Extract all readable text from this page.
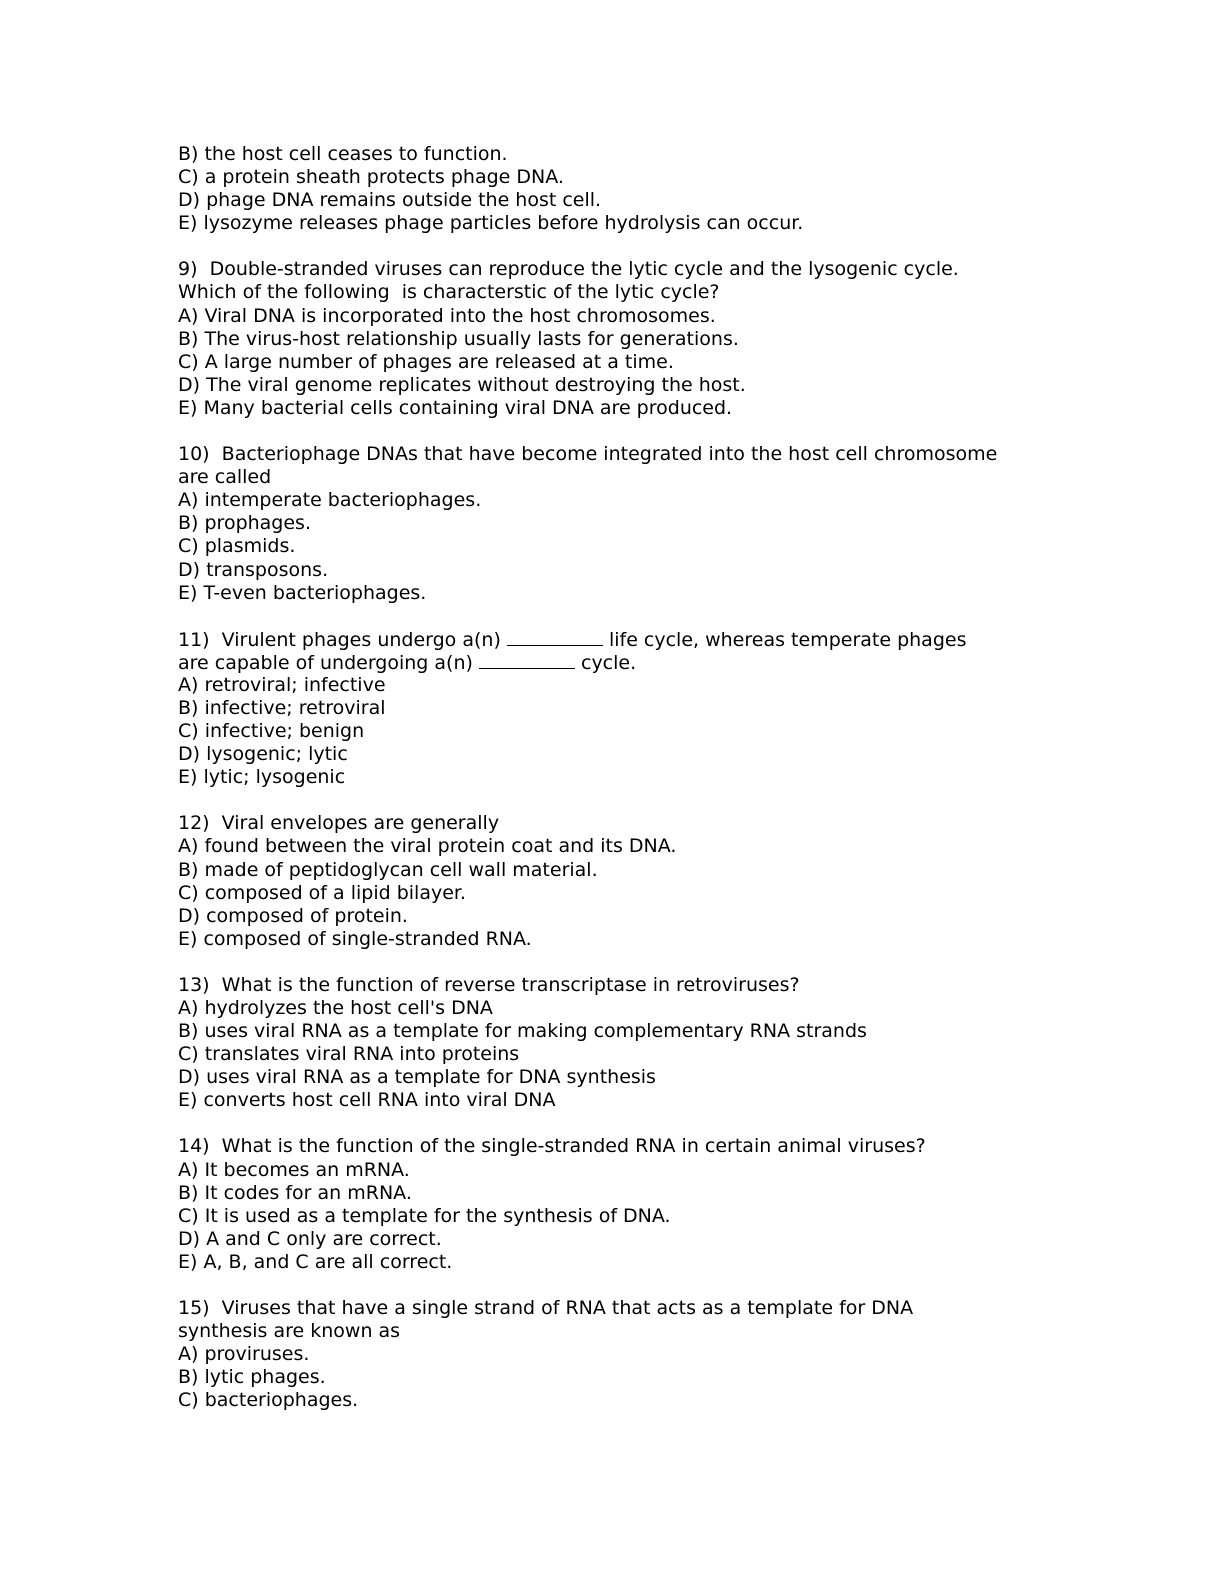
B) the host cell ceases to function.
C) a protein sheath protects phage DNA.
D) phage DNA remains outside the host cell.
E) lysozyme releases phage particles before hydrolysis can occur.
9)  Double-stranded viruses can reproduce the lytic cycle and the lysogenic cycle.
Which of the following  is characterstic of the lytic cycle?
A) Viral DNA is incorporated into the host chromosomes.
B) The virus-host relationship usually lasts for generations.
C) A large number of phages are released at a time.
D) The viral genome replicates without destroying the host.
E) Many bacterial cells containing viral DNA are produced.
10)  Bacteriophage DNAs that have become integrated into the host cell chromosome
are called
A) intemperate bacteriophages.
B) prophages.
C) plasmids.
D) transposons.
E) T-even bacteriophages.
11)  Virulent phages undergo a(n)	life cycle, whereas temperate phages
are capable of undergoing a(n)	cycle.
A) retroviral; infective
B) infective; retroviral
C) infective; benign
D) lysogenic; lytic
E) lytic; lysogenic
12)  Viral envelopes are generally
A) found between the viral protein coat and its DNA.
B) made of peptidoglycan cell wall material.
C) composed of a lipid bilayer.
D) composed of protein.
E) composed of single-stranded RNA.
13)  What is the function of reverse transcriptase in retroviruses?
A) hydrolyzes the host cell's DNA
B) uses viral RNA as a template for making complementary RNA strands
C) translates viral RNA into proteins
D) uses viral RNA as a template for DNA synthesis
E) converts host cell RNA into viral DNA
14)  What is the function of the single-stranded RNA in certain animal viruses?
A) It becomes an mRNA.
B) It codes for an mRNA.
C) It is used as a template for the synthesis of DNA.
D) A and C only are correct.
E) A, B, and C are all correct.
15)  Viruses that have a single strand of RNA that acts as a template for DNA
synthesis are known as
A) proviruses.
B) lytic phages.
C) bacteriophages.
